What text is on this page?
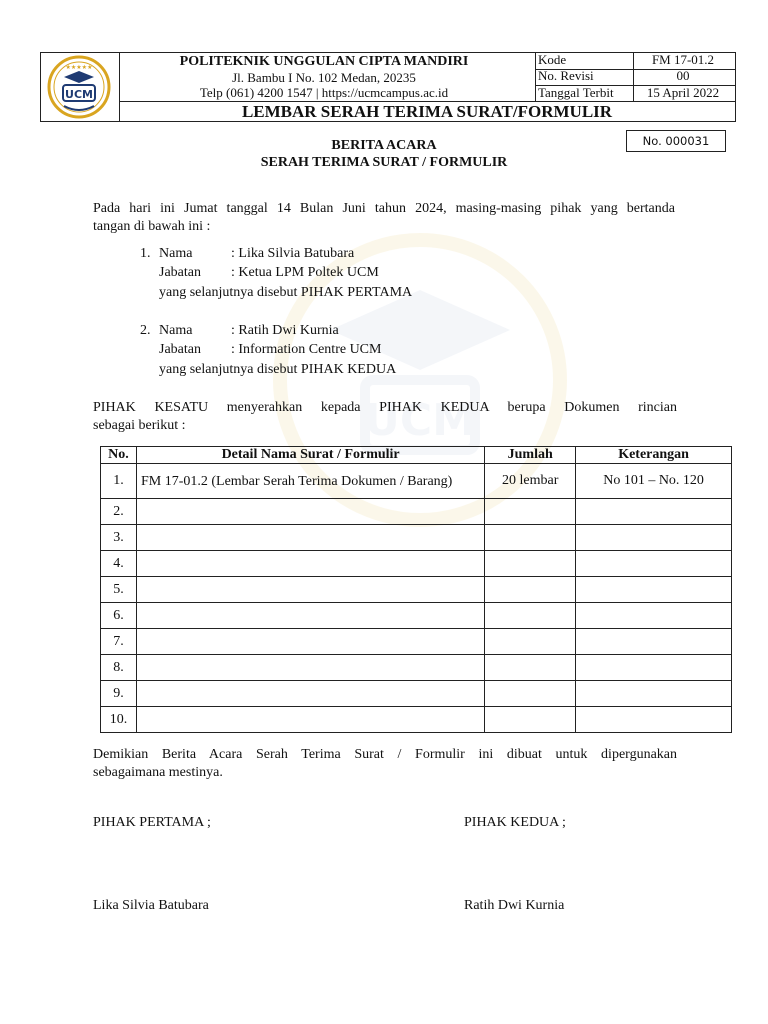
UCM
★★★★★
UCM
POLITEKNIK UNGGULAN CIPTA MANDIRI
Jl. Bambu I No. 102 Medan, 20235
Telp (061) 4200 1547 | https://ucmcampus.ac.id
Kode	FM 17-01.2
No. Revisi	00
Tanggal Terbit	15 April 2022
LEMBAR SERAH TERIMA SURAT/FORMULIR
No. 000031
BERITA ACARA
SERAH TERIMA SURAT / FORMULIR
Pada hari ini Jumat tanggal 14 Bulan Juni tahun 2024, masing-masing pihak yang bertanda
tangan di bawah ini :
1. Nama	: Lika Silvia Batubara
Jabatan : Ketua LPM Poltek UCM
yang selanjutnya disebut PIHAK PERTAMA
2. Nama	: Ratih Dwi Kurnia
Jabatan : Information Centre UCM
yang selanjutnya disebut PIHAK KEDUA
PIHAK KESATU menyerahkan kepada PIHAK KEDUA berupa Dokumen rincian
sebagai berikut :
No.	Detail Nama Surat / Formulir	Jumlah	Keterangan
1.	FM 17-01.2 (Lembar Serah Terima Dokumen / Barang)	20 lembar	No 101 – No. 120
2.			
3.			
4.			
5.			
6.			
7.			
8.			
9.			
10.			
Demikian Berita Acara Serah Terima Surat / Formulir ini dibuat untuk dipergunakan
sebagaimana mestinya.
PIHAK PERTAMA ;	PIHAK KEDUA ;
Lika Silvia Batubara	Ratih Dwi Kurnia
